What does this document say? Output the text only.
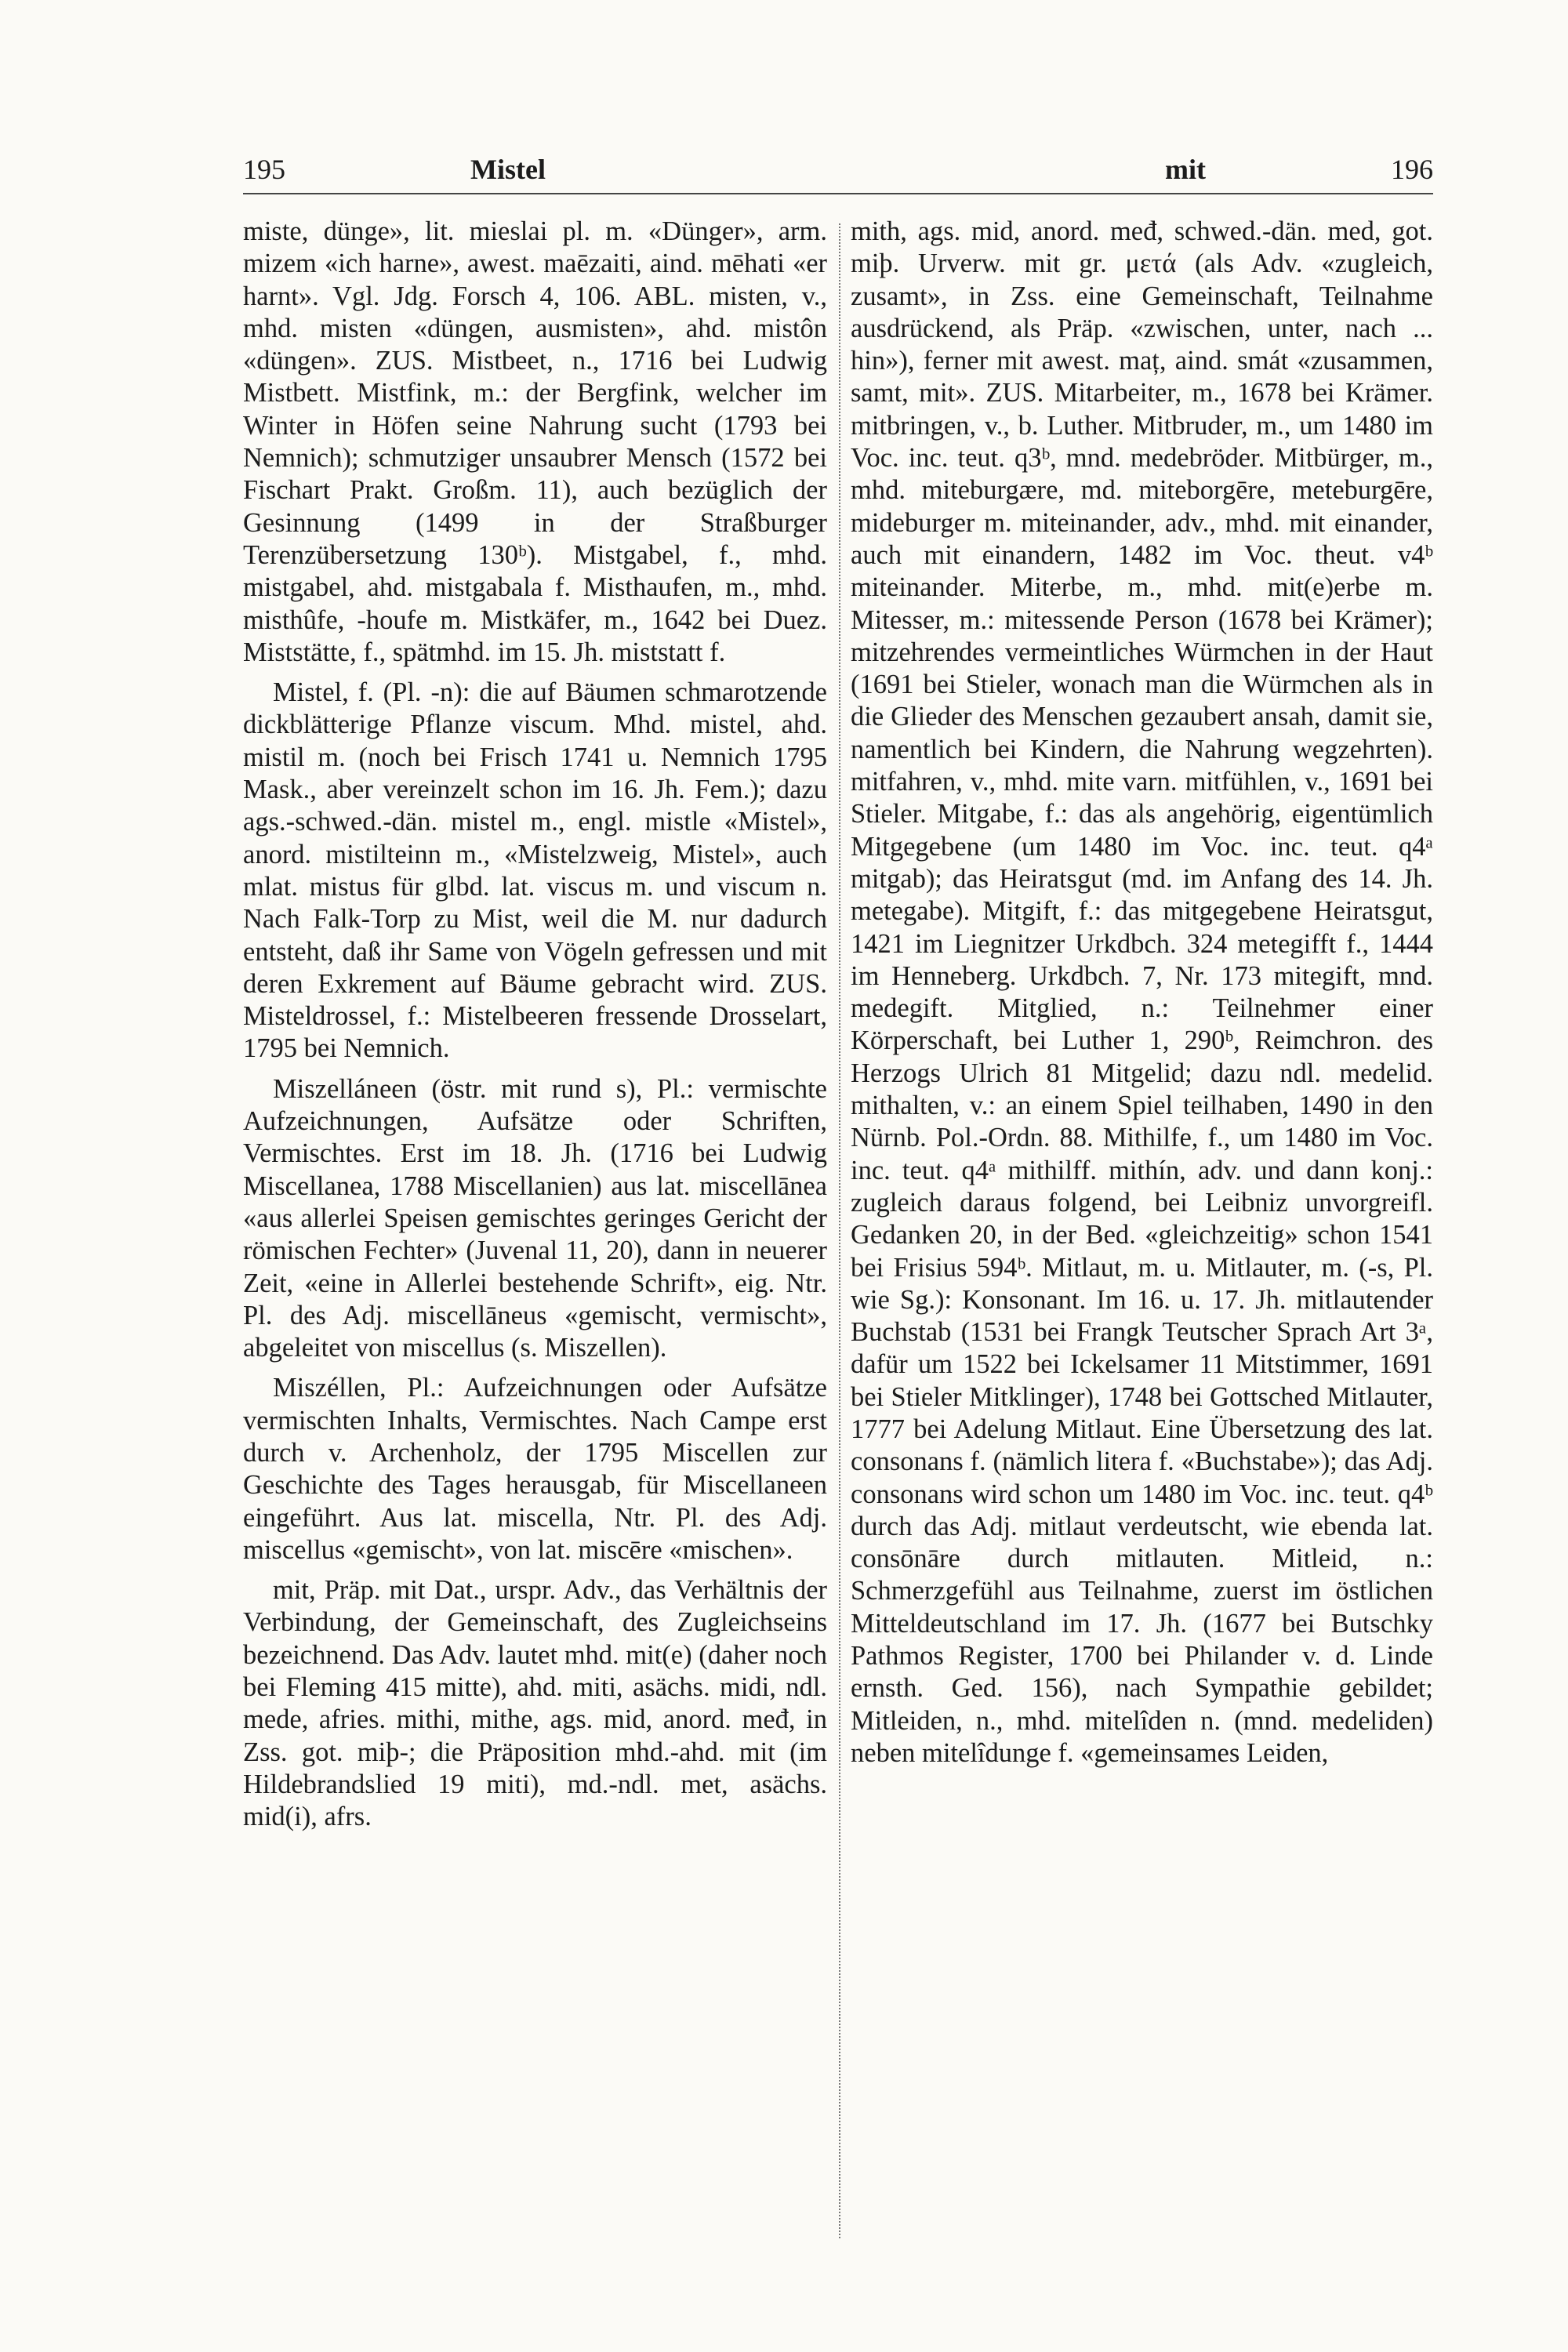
195	Mistel	mit	196

miste, dünge», lit. mieslai pl. m. «Dünger», arm. mizem «ich harne», awest. maēzaiti, aind. mēhati «er harnt». Vgl. Jdg. Forsch 4, 106. ABL. misten, v., mhd. misten «düngen, ausmisten», ahd. mistôn «düngen». ZUS. Mistbeet, n., 1716 bei Ludwig Mistbett. Mistfink, m.: der Bergfink, welcher im Winter in Höfen seine Nahrung sucht (1793 bei Nemnich); schmutziger unsaubrer Mensch (1572 bei Fischart Prakt. Großm. 11), auch bezüglich der Gesinnung (1499 in der Straßburger Terenzübersetzung 130ᵇ). Mistgabel, f., mhd. mistgabel, ahd. mistgabala f. Misthaufen, m., mhd. misthûfe, -houfe m. Mistkäfer, m., 1642 bei Duez. Miststätte, f., spätmhd. im 15. Jh. miststatt f.

Mistel, f. (Pl. -n): die auf Bäumen schmarotzende dickblätterige Pflanze viscum. Mhd. mistel, ahd. mistil m. (noch bei Frisch 1741 u. Nemnich 1795 Mask., aber vereinzelt schon im 16. Jh. Fem.); dazu ags.-schwed.-dän. mistel m., engl. mistle «Mistel», anord. mistilteinn m., «Mistelzweig, Mistel», auch mlat. mistus für glbd. lat. viscus m. und viscum n. Nach Falk-Torp zu Mist, weil die M. nur dadurch entsteht, daß ihr Same von Vögeln gefressen und mit deren Exkrement auf Bäume gebracht wird. ZUS. Misteldrossel, f.: Mistelbeeren fressende Drosselart, 1795 bei Nemnich.

Miszelláneen (östr. mit rund s), Pl.: vermischte Aufzeichnungen, Aufsätze oder Schriften, Vermischtes. Erst im 18. Jh. (1716 bei Ludwig Miscellanea, 1788 Miscellanien) aus lat. miscellānea «aus allerlei Speisen gemischtes geringes Gericht der römischen Fechter» (Juvenal 11, 20), dann in neuerer Zeit, «eine in Allerlei bestehende Schrift», eig. Ntr. Pl. des Adj. miscellāneus «gemischt, vermischt», abgeleitet von miscellus (s. Miszellen).

Miszéllen, Pl.: Aufzeichnungen oder Aufsätze vermischten Inhalts, Vermischtes. Nach Campe erst durch v. Archenholz, der 1795 Miscellen zur Geschichte des Tages herausgab, für Miscellaneen eingeführt. Aus lat. miscella, Ntr. Pl. des Adj. miscellus «gemischt», von lat. miscēre «mischen».

mit, Präp. mit Dat., urspr. Adv., das Verhältnis der Verbindung, der Gemeinschaft, des Zugleichseins bezeichnend. Das Adv. lautet mhd. mit(e) (daher noch bei Fleming 415 mitte), ahd. miti, asächs. midi, ndl. mede, afries. mithi, mithe, ags. mid, anord. međ, in Zss. got. miþ-; die Präposition mhd.-ahd. mit (im Hildebrandslied 19 miti), md.-ndl. met, asächs. mid(i), afrs.

mith, ags. mid, anord. međ, schwed.-dän. med, got. miþ. Urverw. mit gr. μετά (als Adv. «zugleich, zusamt», in Zss. eine Gemeinschaft, Teilnahme ausdrückend, als Präp. «zwischen, unter, nach ... hin»), ferner mit awest. maț, aind. smát «zusammen, samt, mit». ZUS. Mitarbeiter, m., 1678 bei Krämer. mitbringen, v., b. Luther. Mitbruder, m., um 1480 im Voc. inc. teut. q3ᵇ, mnd. medebröder. Mitbürger, m., mhd. miteburgære, md. miteborgēre, meteburgēre, mideburger m. miteinander, adv., mhd. mit einander, auch mit einandern, 1482 im Voc. theut. v4ᵇ miteinander. Miterbe, m., mhd. mit(e)erbe m. Mitesser, m.: mitessende Person (1678 bei Krämer); mitzehrendes vermeintliches Würmchen in der Haut (1691 bei Stieler, wonach man die Würmchen als in die Glieder des Menschen gezaubert ansah, damit sie, namentlich bei Kindern, die Nahrung wegzehrten). mitfahren, v., mhd. mite varn. mitfühlen, v., 1691 bei Stieler. Mitgabe, f.: das als angehörig, eigentümlich Mitgegebene (um 1480 im Voc. inc. teut. q4ᵃ mitgab); das Heiratsgut (md. im Anfang des 14. Jh. metegabe). Mitgift, f.: das mitgegebene Heiratsgut, 1421 im Liegnitzer Urkdbch. 324 metegifft f., 1444 im Henneberg. Urkdbch. 7, Nr. 173 mitegift, mnd. medegift. Mitglied, n.: Teilnehmer einer Körperschaft, bei Luther 1, 290ᵇ, Reimchron. des Herzogs Ulrich 81 Mitgelid; dazu ndl. medelid. mithalten, v.: an einem Spiel teilhaben, 1490 in den Nürnb. Pol.-Ordn. 88. Mithilfe, f., um 1480 im Voc. inc. teut. q4ᵃ mithilff. mithín, adv. und dann konj.: zugleich daraus folgend, bei Leibniz unvorgreifl. Gedanken 20, in der Bed. «gleichzeitig» schon 1541 bei Frisius 594ᵇ. Mitlaut, m. u. Mitlauter, m. (-s, Pl. wie Sg.): Konsonant. Im 16. u. 17. Jh. mitlautender Buchstab (1531 bei Frangk Teutscher Sprach Art 3ᵃ, dafür um 1522 bei Ickelsamer 11 Mitstimmer, 1691 bei Stieler Mitklinger), 1748 bei Gottsched Mitlauter, 1777 bei Adelung Mitlaut. Eine Übersetzung des lat. consonans f. (nämlich litera f. «Buchstabe»); das Adj. consonans wird schon um 1480 im Voc. inc. teut. q4ᵇ durch das Adj. mitlaut verdeutscht, wie ebenda lat. consōnāre durch mitlauten. Mitleid, n.: Schmerzgefühl aus Teilnahme, zuerst im östlichen Mitteldeutschland im 17. Jh. (1677 bei Butschky Pathmos Register, 1700 bei Philander v. d. Linde ernsth. Ged. 156), nach Sympathie gebildet; Mitleiden, n., mhd. mitelîden n. (mnd. medeliden) neben mitelîdunge f. «gemeinsames Leiden,
